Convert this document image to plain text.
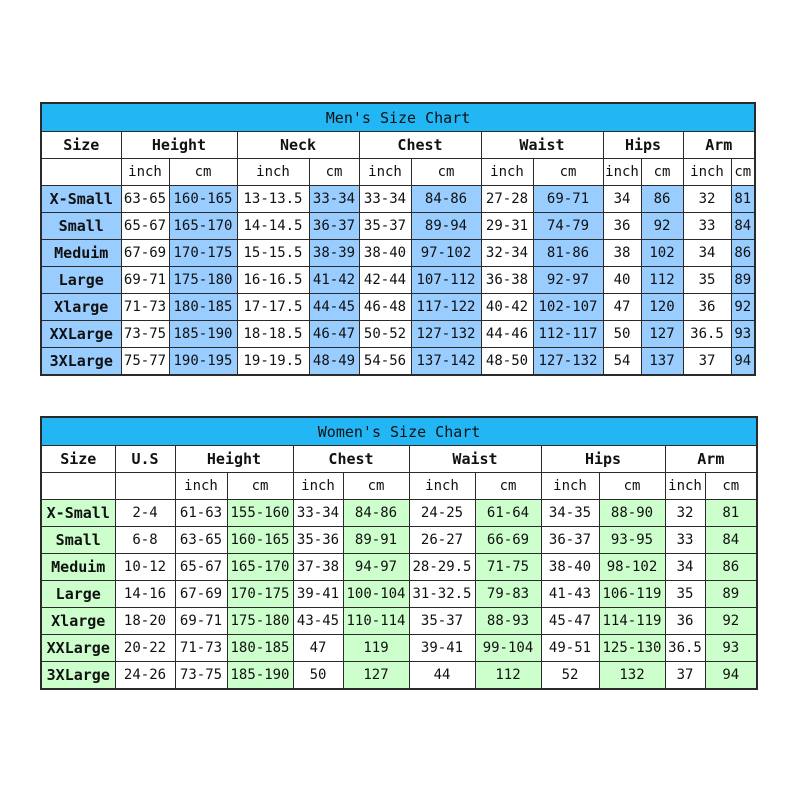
Men's Size Chart												
Size	Height		Neck		Chest		Waist		Hips		Arm	
	inch	cm	inch	cm	inch	cm	inch	cm	inch	cm	inch	cm
X-Small	63-65	160-165	13-13.5	33-34	33-34	84-86	27-28	69-71	34	86	32	81
Small	65-67	165-170	14-14.5	36-37	35-37	89-94	29-31	74-79	36	92	33	84
Meduim	67-69	170-175	15-15.5	38-39	38-40	97-102	32-34	81-86	38	102	34	86
Large	69-71	175-180	16-16.5	41-42	42-44	107-112	36-38	92-97	40	112	35	89
Xlarge	71-73	180-185	17-17.5	44-45	46-48	117-122	40-42	102-107	47	120	36	92
XXLarge	73-75	185-190	18-18.5	46-47	50-52	127-132	44-46	112-117	50	127	36.5	93
3XLarge	75-77	190-195	19-19.5	48-49	54-56	137-142	48-50	127-132	54	137	37	94
Women's Size Chart											
Size	U.S	Height		Chest		Waist		Hips		Arm	
		inch	cm	inch	cm	inch	cm	inch	cm	inch	cm
X-Small	2-4	61-63	155-160	33-34	84-86	24-25	61-64	34-35	88-90	32	81
Small	6-8	63-65	160-165	35-36	89-91	26-27	66-69	36-37	93-95	33	84
Meduim	10-12	65-67	165-170	37-38	94-97	28-29.5	71-75	38-40	98-102	34	86
Large	14-16	67-69	170-175	39-41	100-104	31-32.5	79-83	41-43	106-119	35	89
Xlarge	18-20	69-71	175-180	43-45	110-114	35-37	88-93	45-47	114-119	36	92
XXLarge	20-22	71-73	180-185	47	119	39-41	99-104	49-51	125-130	36.5	93
3XLarge	24-26	73-75	185-190	50	127	44	112	52	132	37	94
